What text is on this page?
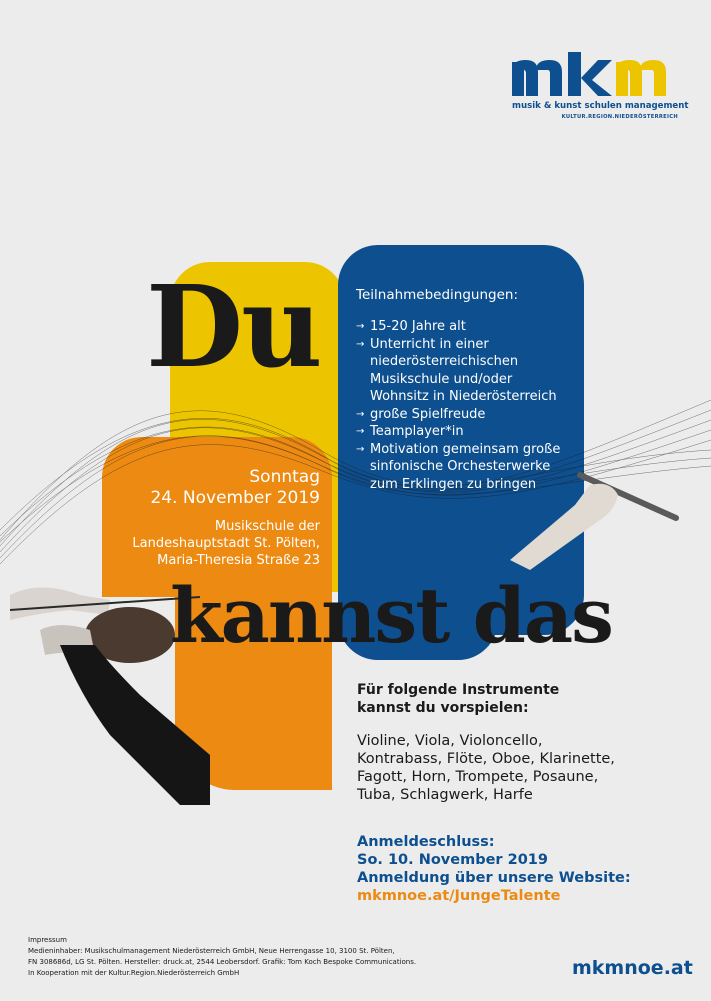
musik & kunst schulen management
KULTUR.REGION.NIEDERÖSTERREICH
Du
kannst das
Teilnahmebedingungen:
→ 15-20 Jahre alt
→ Unterricht in einer niederösterreichischen Musikschule und/oder Wohnsitz in Niederösterreich
→ große Spielfreude
→ Teamplayer*in
→ Motivation gemeinsam große sinfonische Orchesterwerke zum Erklingen zu bringen
Sonntag
24. November 2019
Musikschule der
Landeshauptstadt St. Pölten,
Maria-Theresia Straße 23
Für folgende Instrumente
kannst du vorspielen:
Violine, Viola, Violoncello,
Kontrabass, Flöte, Oboe, Klarinette,
Fagott, Horn, Trompete, Posaune,
Tuba, Schlagwerk, Harfe
Anmeldeschluss:
So. 10. November 2019
Anmeldung über unsere Website:
mkmnoe.at/JungeTalente
Impressum
Medieninhaber: Musikschulmanagement Niederösterreich GmbH, Neue Herrengasse 10, 3100 St. Pölten,
FN 308686d, LG St. Pölten. Hersteller: druck.at, 2544 Leobersdorf. Grafik: Tom Koch Bespoke Communications.
In Kooperation mit der Kultur.Region.Niederösterreich GmbH	mkmnoe.at
